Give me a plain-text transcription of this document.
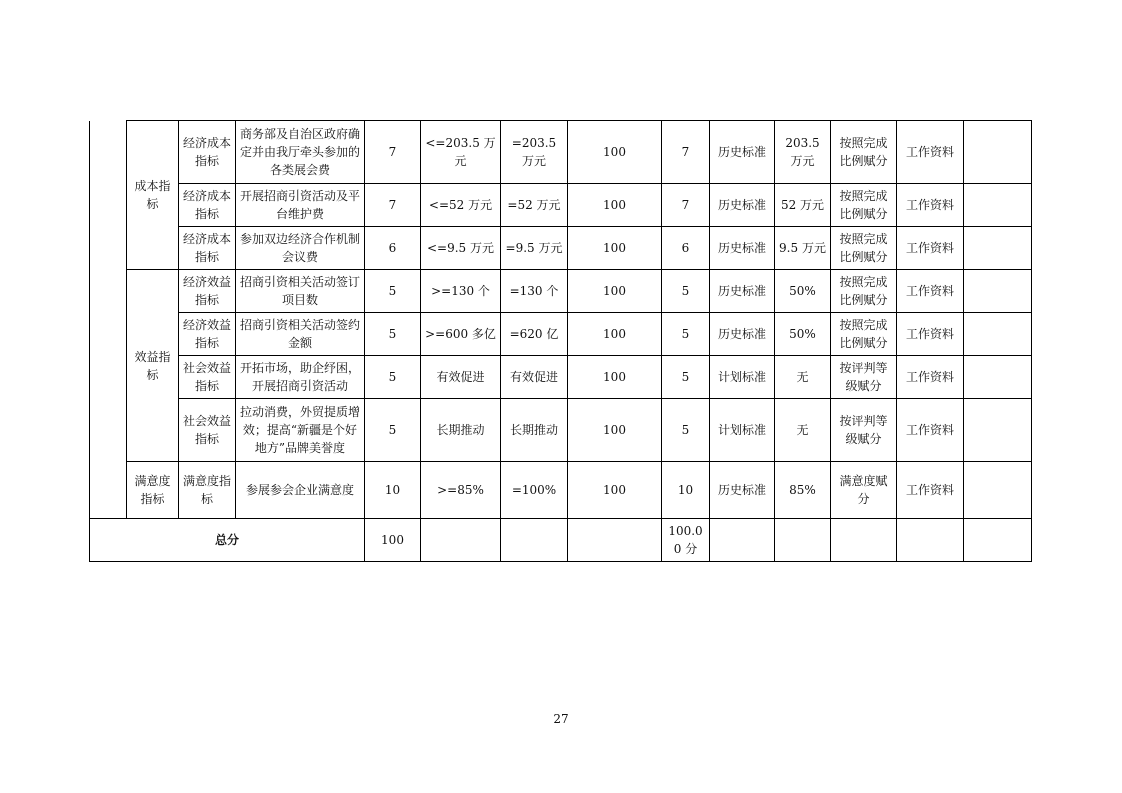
	成本指标	经济成本指标	商务部及自治区政府确定并由我厅牵头参加的各类展会费	7	<=203.5 万元	=203.5 万元	100	7	历史标准	203.5 万元	按照完成比例赋分	工作资料	
		经济成本指标	开展招商引资活动及平台维护费	7	<=52 万元	=52 万元	100	7	历史标准	52 万元	按照完成比例赋分	工作资料	
		经济成本指标	参加双边经济合作机制会议费	6	<=9.5 万元	=9.5 万元	100	6	历史标准	9.5 万元	按照完成比例赋分	工作资料	
	效益指标	经济效益指标	招商引资相关活动签订项目数	5	>=130 个	=130 个	100	5	历史标准	50%	按照完成比例赋分	工作资料	
		经济效益指标	招商引资相关活动签约金额	5	>=600 多亿	=620 亿	100	5	历史标准	50%	按照完成比例赋分	工作资料	
		社会效益指标	开拓市场，助企纾困，开展招商引资活动	5	有效促进	有效促进	100	5	计划标准	无	按评判等级赋分	工作资料	
		社会效益指标	拉动消费，外贸提质增效；提高“新疆是个好地方”品牌美誉度	5	长期推动	长期推动	100	5	计划标准	无	按评判等级赋分	工作资料	
	满意度指标	满意度指标	参展参会企业满意度	10	>=85%	=100%	100	10	历史标准	85%	满意度赋分	工作资料	
总分				100				100.00 分					
27
